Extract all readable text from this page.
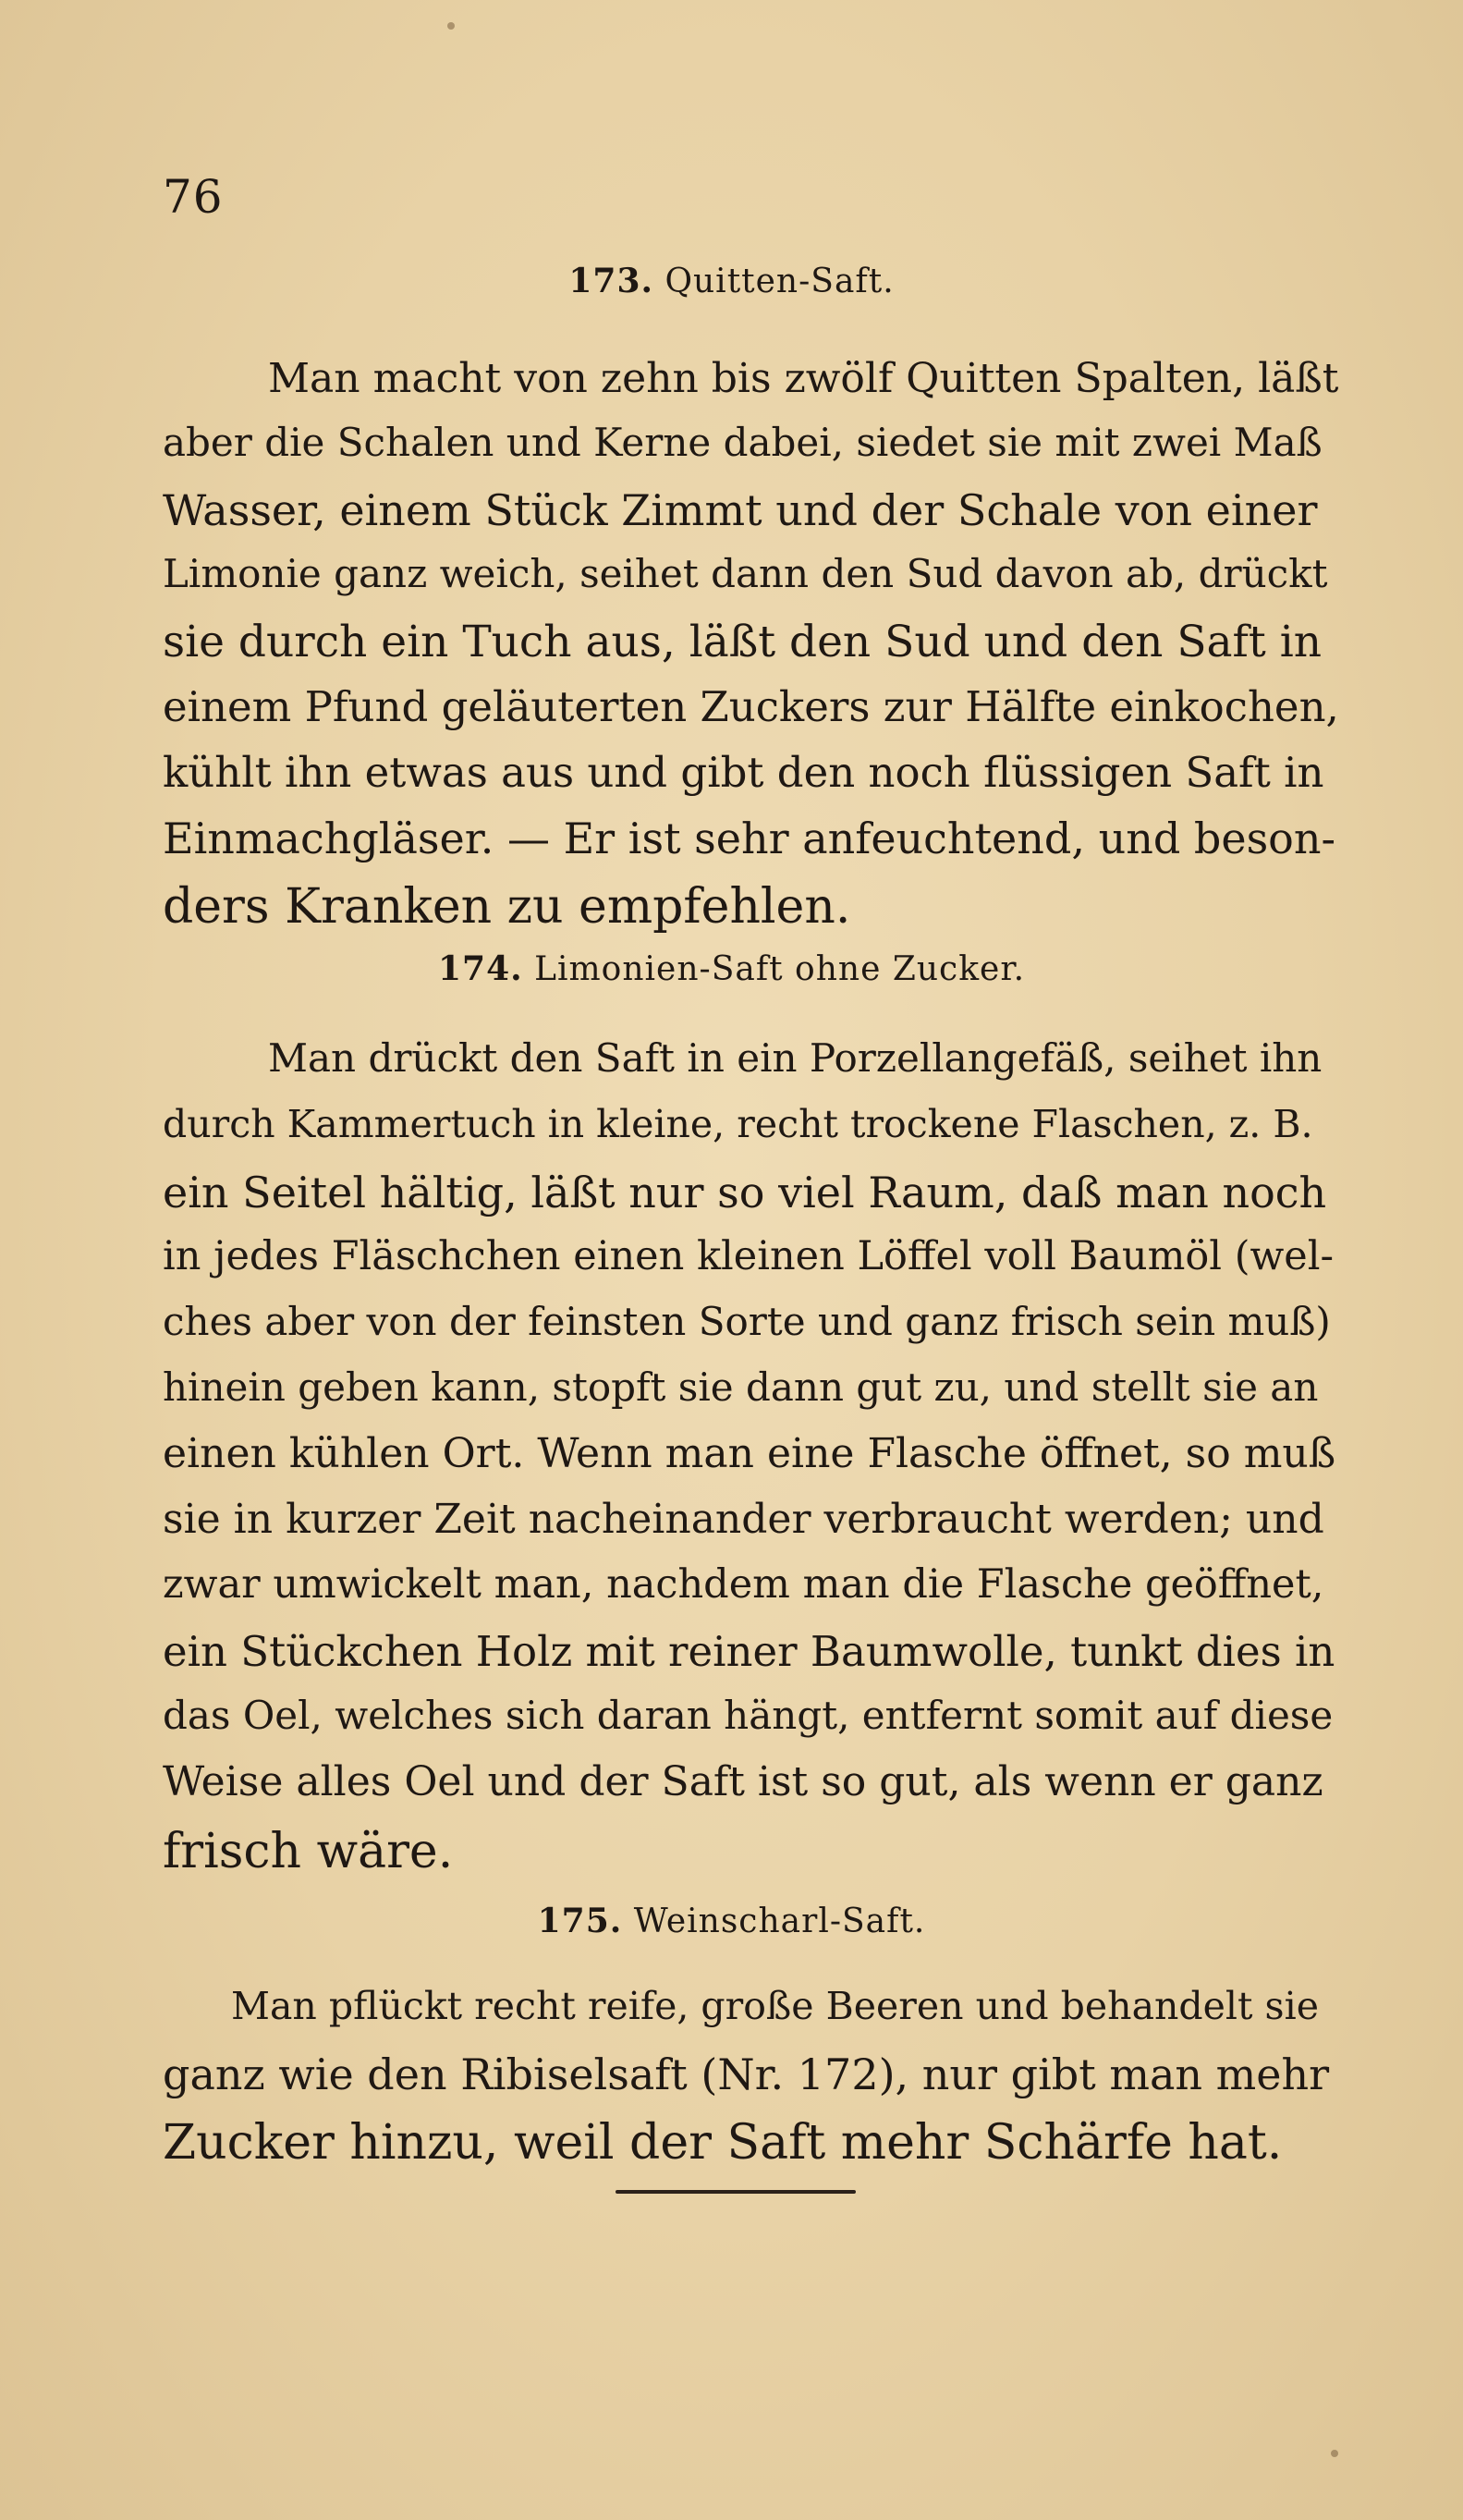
76
173. Quitten-Saft.
Man macht von zehn bis zwölf Quitten Spalten, läßt
aber die Schalen und Kerne dabei, siedet sie mit zwei Maß
Wasser, einem Stück Zimmt und der Schale von einer
Limonie ganz weich, seihet dann den Sud davon ab, drückt
sie durch ein Tuch aus, läßt den Sud und den Saft in
einem Pfund geläuterten Zuckers zur Hälfte einkochen,
kühlt ihn etwas aus und gibt den noch flüssigen Saft in
Einmachgläser. — Er ist sehr anfeuchtend, und beson-
ders Kranken zu empfehlen.
174. Limonien-Saft ohne Zucker.
Man drückt den Saft in ein Porzellangefäß, seihet ihn
durch Kammertuch in kleine, recht trockene Flaschen, z. B.
ein Seitel hältig, läßt nur so viel Raum, daß man noch
in jedes Fläschchen einen kleinen Löffel voll Baumöl (wel-
ches aber von der feinsten Sorte und ganz frisch sein muß)
hinein geben kann, stopft sie dann gut zu, und stellt sie an
einen kühlen Ort. Wenn man eine Flasche öffnet, so muß
sie in kurzer Zeit nacheinander verbraucht werden; und
zwar umwickelt man, nachdem man die Flasche geöffnet,
ein Stückchen Holz mit reiner Baumwolle, tunkt dies in
das Oel, welches sich daran hängt, entfernt somit auf diese
Weise alles Oel und der Saft ist so gut, als wenn er ganz
frisch wäre.
175. Weinscharl-Saft.
Man pflückt recht reife, große Beeren und behandelt sie
ganz wie den Ribiselsaft (Nr. 172), nur gibt man mehr
Zucker hinzu, weil der Saft mehr Schärfe hat.
